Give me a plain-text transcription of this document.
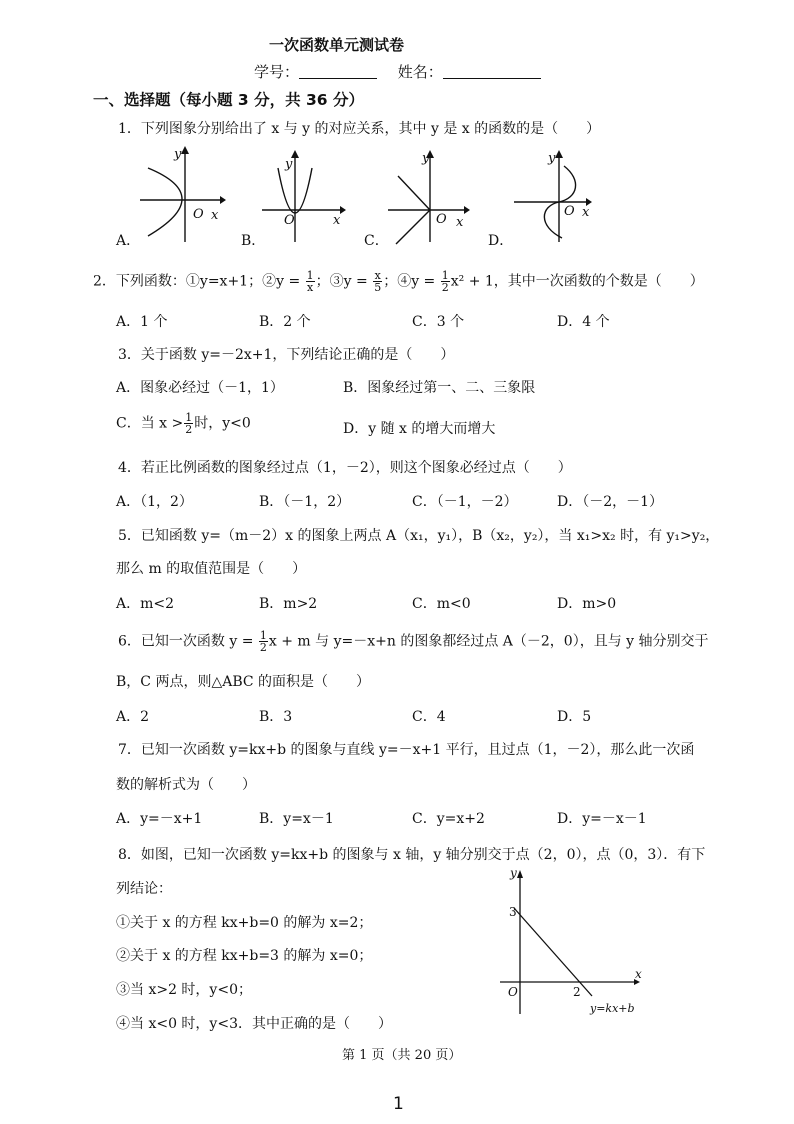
一次函数单元测试卷
学号：	姓名：
一、选择题（每小题 3 分，共 36 分）
1．下列图象分别给出了 x 与 y 的对应关系，其中 y 是 x 的函数的是（　　）
y
O x
y
O	x
y
O x
y
O x
A．	B．	C．	D．
2．下列函数：①y=x+1；②y = $\frac{1}{x}$ ；③y = $\frac{x}{5}$ ；④y = $\frac{1}{2} x^2 + 1$，其中一次函数的个数是（　　）
A．1 个	B．2 个	C．3 个	D．4 个
3．关于函数 y=－2x+1，下列结论正确的是（　　）
A．图象必经过（－1，1）	B．图象经过第一、二、三象限
C．当 $x > \frac{1}{2}$ 时，y<0	D．y 随 x 的增大而增大
4．若正比例函数的图象经过点（1，－2），则这个图象必经过点（　　）
A．（1，2）	B．（－1，2）	C．（－1，－2）	D．（－2，－1）
5．已知函数 y=（m－2）x 的图象上两点 A（x₁，y₁），B（x₂，y₂），当 x₁>x₂ 时，有 y₁>y₂，
那么 m 的取值范围是（　　）
A．m<2	B．m>2	C．m<0	D．m>0
6．已知一次函数 $y = \frac{1}{2}$ x + m 与 y=－x+n 的图象都经过点 A（－2，0），且与 y 轴分别交于
B，C 两点，则△ABC 的面积是（　　）
A．2	B．3	C．4	D．5
7．已知一次函数 y=kx+b 的图象与直线 y=－x+1 平行，且过点（1，－2），那么此一次函
数的解析式为（　　）
A．y=－x+1	B．y=x－1	C．y=x+2	D．y=－x－1
8．如图，已知一次函数 y=kx+b 的图象与 x 轴，y 轴分别交于点（2，0），点（0，3）．有下
列结论：
①关于 x 的方程 kx+b=0 的解为 x=2；
②关于 x 的方程 kx+b=3 的解为 x=0；
③当 x>2 时，y<0；
④当 x<0 时，y<3．其中正确的是（　　）
y
x
O
3
2
y=kx+b
第 1 页（共 20 页）
1
